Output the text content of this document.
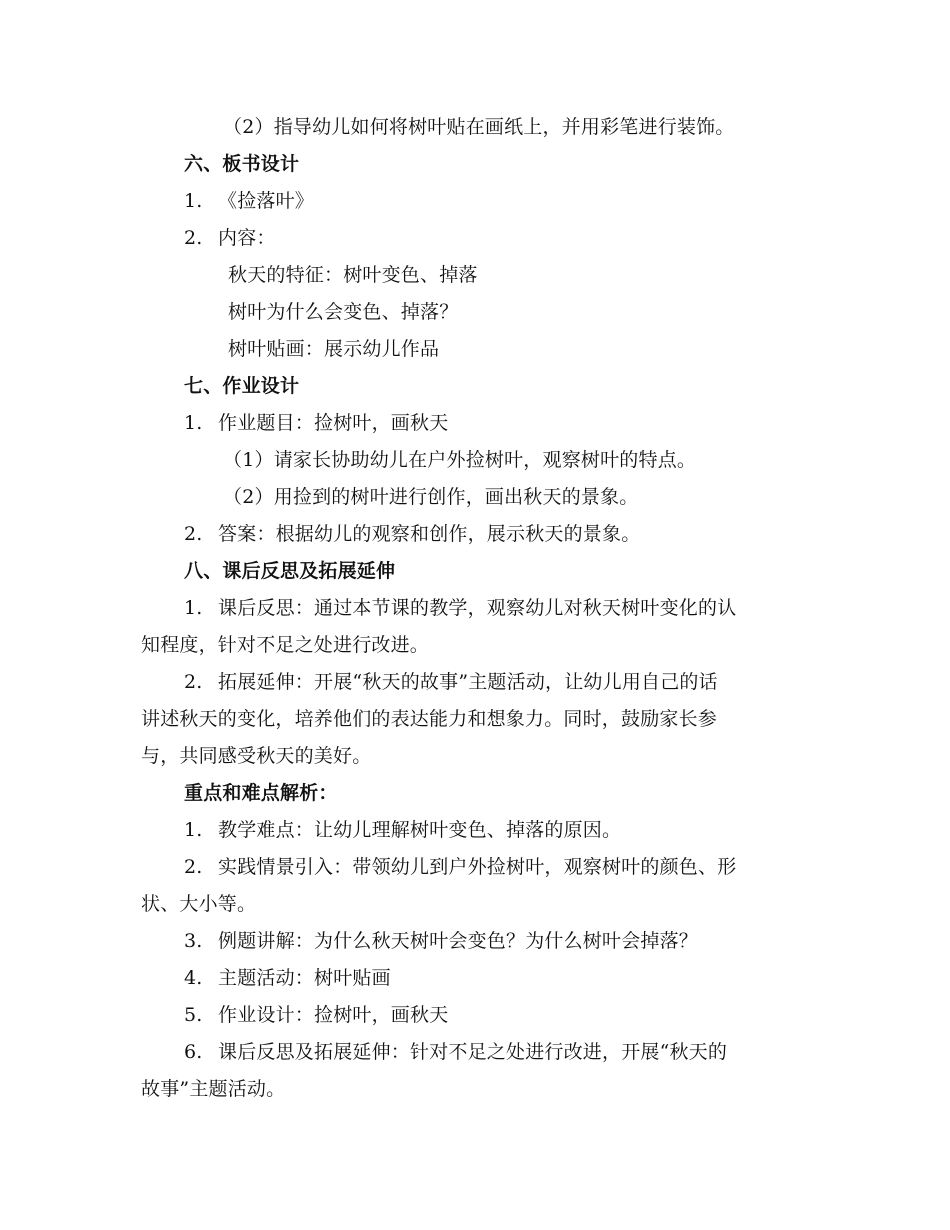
（2）指导幼儿如何将树叶贴在画纸上，并用彩笔进行装饰。
六、板书设计
1. 《捡落叶》
2. 内容：
秋天的特征：树叶变色、掉落
树叶为什么会变色、掉落？
树叶贴画：展示幼儿作品
七、作业设计
1. 作业题目：捡树叶，画秋天
（1）请家长协助幼儿在户外捡树叶，观察树叶的特点。
（2）用捡到的树叶进行创作，画出秋天的景象。
2. 答案：根据幼儿的观察和创作，展示秋天的景象。
八、课后反思及拓展延伸
1. 课后反思：通过本节课的教学，观察幼儿对秋天树叶变化的认
知程度，针对不足之处进行改进。
2. 拓展延伸：开展“秋天的故事”主题活动，让幼儿用自己的话
讲述秋天的变化，培养他们的表达能力和想象力。同时，鼓励家长参
与，共同感受秋天的美好。
重点和难点解析：
1. 教学难点：让幼儿理解树叶变色、掉落的原因。
2. 实践情景引入：带领幼儿到户外捡树叶，观察树叶的颜色、形
状、大小等。
3. 例题讲解：为什么秋天树叶会变色？为什么树叶会掉落？
4. 主题活动：树叶贴画
5. 作业设计：捡树叶，画秋天
6. 课后反思及拓展延伸：针对不足之处进行改进，开展“秋天的
故事”主题活动。
